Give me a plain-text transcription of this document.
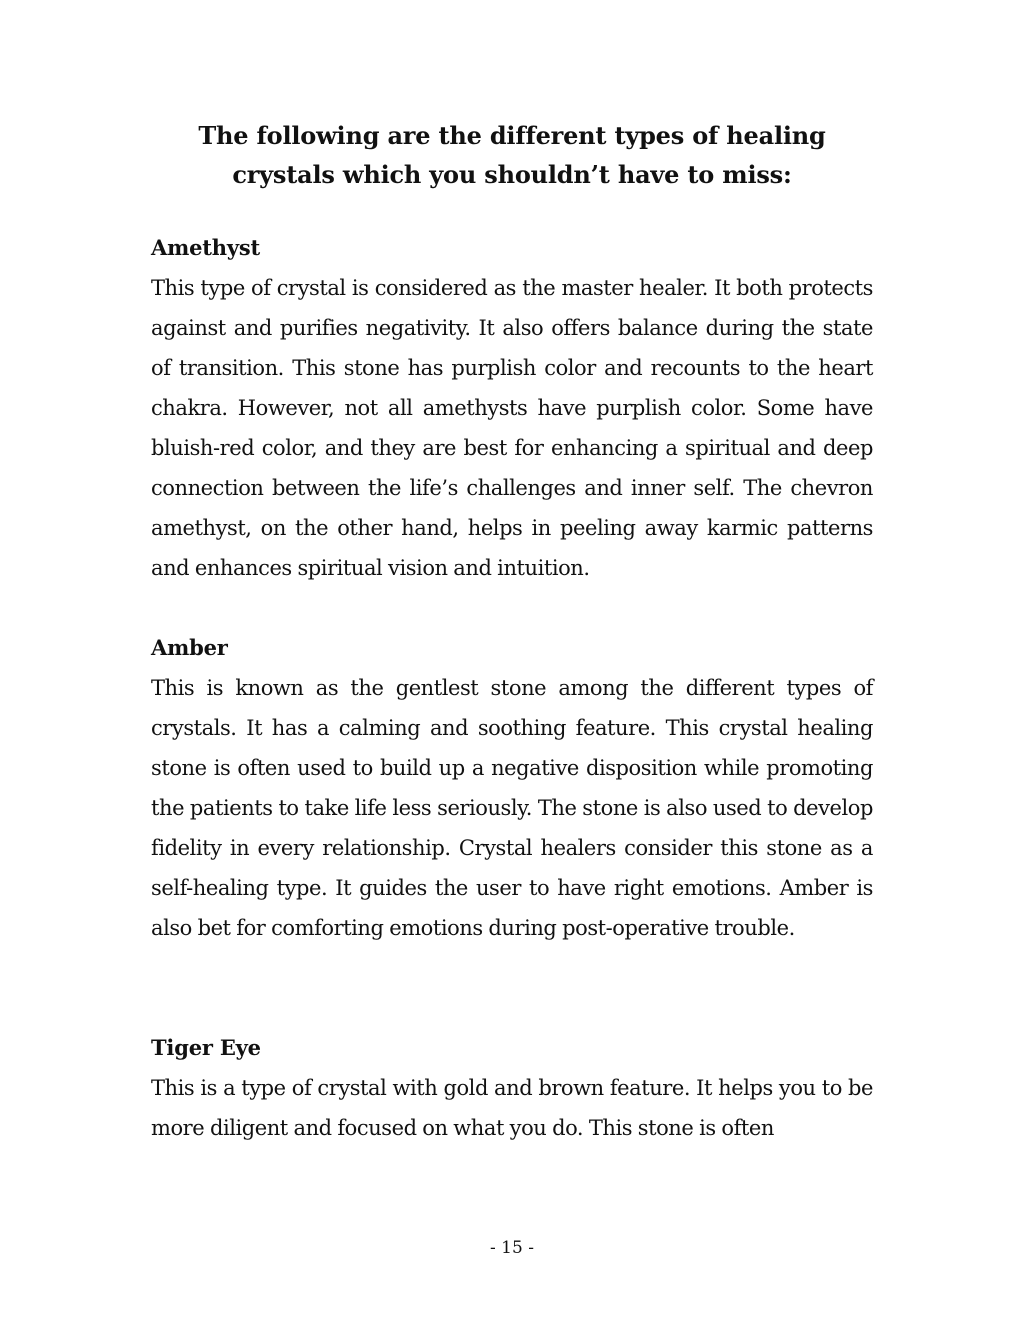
The following are the different types of healing crystals which you shouldn’t have to miss:
Amethyst

This type of crystal is considered as the master healer. It both protects against and purifies negativity. It also offers balance during the state of transition. This stone has purplish color and recounts to the heart chakra. However, not all amethysts have purplish color. Some have bluish-red color, and they are best for enhancing a spiritual and deep connection between the life’s challenges and inner self. The chevron amethyst, on the other hand, helps in peeling away karmic patterns and enhances spiritual vision and intuition.

Amber

This is known as the gentlest stone among the different types of crystals. It has a calming and soothing feature. This crystal healing stone is often used to build up a negative disposition while promoting the patients to take life less seriously. The stone is also used to develop fidelity in every relationship. Crystal healers consider this stone as a self-healing type. It guides the user to have right emotions. Amber is also bet for comforting emotions during post-operative trouble.

Tiger Eye

This is a type of crystal with gold and brown feature. It helps you to be more diligent and focused on what you do. This stone is often

- 15 -
